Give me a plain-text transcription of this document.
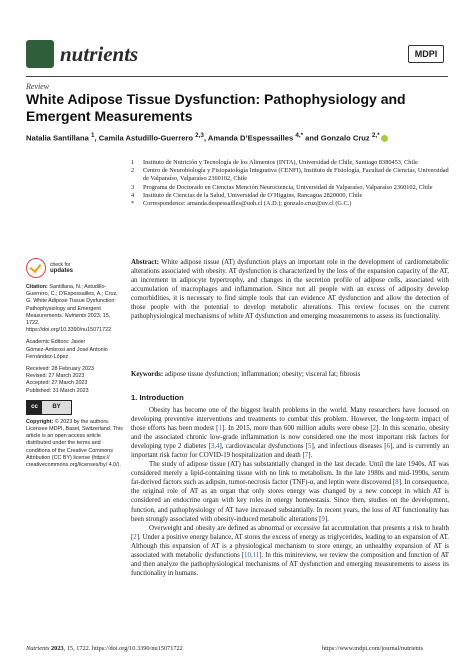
nutrients	MDPI
Review
White Adipose Tissue Dysfunction: Pathophysiology and Emergent Measurements
Natalia Santillana $^1$, Camila Astudillo-Guerrero $^{2,3}$, Amanda D’Espessailles $^{4,*}$ and Gonzalo Cruz $^{2,*}$
1	Instituto de Nutrición y Tecnología de los Alimentos (INTA), Universidad de Chile, Santiago 8380453, Chile
2	Centro de Neurobiología y Fisiopatología Integrativa (CENFI), Instituto de Fisiología, Facultad de Ciencias, Universidad de Valparaíso, Valparaíso 2360102, Chile
3	Programa de Doctorado en Ciencias Mención Neurociencia, Universidad de Valparaíso, Valparaíso 2360102, Chile
4	Instituto de Ciencias de la Salud, Universidad de O’Higgins, Rancagua 2820000, Chile
*	Correspondence: amanda.despessailles@uoh.cl (A.D.); gonzalo.cruz@uv.cl (G.C.)
Abstract: White adipose tissue (AT) dysfunction plays an important role in the development of cardiometabolic alterations associated with obesity. AT dysfunction is characterized by the loss of the expansion capacity of the AT, an increment in adipocyte hypertrophy, and changes in the secretion profile of adipose cells, associated with accumulation of macrophages and inflammation. Since not all people with an excess of adiposity develop comorbidities, it is necessary to find simple tools that can evidence AT dysfunction and allow the detection of those people with the potential to develop metabolic alterations. This review focuses on the current pathophysiological mechanisms of white AT dysfunction and emerging measurements to assess its functionality.
Keywords: adipose tissue dysfunction; inflammation; obesity; visceral fat; fibrosis
check for
updates
Citation: Santillana, N.; Astudillo-Guerrero, C.; D’Espessailles, A.; Cruz, G. White Adipose Tissue Dysfunction: Pathophysiology and Emergent Measurements. Nutrients 2023, 15, 1722. https://doi.org/10.3390/nu15071722
Academic Editors: Javier
Gómez-Ambrosi and José Antonio Fernández-López
Received: 28 February 2023
Revised: 27 March 2023
Accepted: 27 March 2023
Published: 31 March 2023
cc	BY
Copyright: © 2023 by the authors. Licensee MDPI, Basel, Switzerland. This article is an open access article distributed under the terms and conditions of the Creative Commons Attribution (CC BY) license (https:// creativecommons.org/licenses/by/ 4.0/).
1. Introduction

Obesity has become one of the biggest health problems in the world. Many researchers have focused on developing preventive interventions and treatments to combat this problem. However, the long-term impact of those efforts has been modest [1]. In 2015, more than 600 million adults were obese [2]. In this scenario, obesity and the associated chronic low-grade inflammation is now considered one the most important risk factors for developing type 2 diabetes [3,4], cardiovascular dysfunctions [5], and infectious diseases [6], and is currently an important risk factor for COVID-19 hospitalization and death [7].

The study of adipose tissue (AT) has substantially changed in the last decade. Until the late 1940s, AT was considered merely a lipid-containing tissue with no link to metabolism. In the late 1980s and mid-1990s, serum fat-derived factors such as adipsin, tumor-necrosis factor (TNF)-α, and leptin were discovered [8]. In consequence, the original role of AT as an organ that only stores energy was changed by a new concept in which AT is considered an endocrine organ with key roles in energy homeostasis. Since then, studies on the development, function, and pathophysiology of AT have increased substantially. In recent years, the loss of AT functionality has been strongly associated with obesity-induced metabolic alterations [9].

Overweight and obesity are defined as abnormal or excessive fat accumulation that presents a risk to health [2]. Under a positive energy balance, AT stores the excess of energy as triglycerides, leading to an expansion of AT. Although this expansion of AT is a physiological mechanism to store energy, an unhealthy expansion of AT is associated with metabolic dysfunctions [10,11]. In this minireview, we review the composition and function of AT and then analyze the pathophysiological mechanisms of AT dysfunction and emerging measurements to assess its functionality in humans.

Nutrients 2023, 15, 1722. https://doi.org/10.3390/nu15071722	https://www.mdpi.com/journal/nutrients
